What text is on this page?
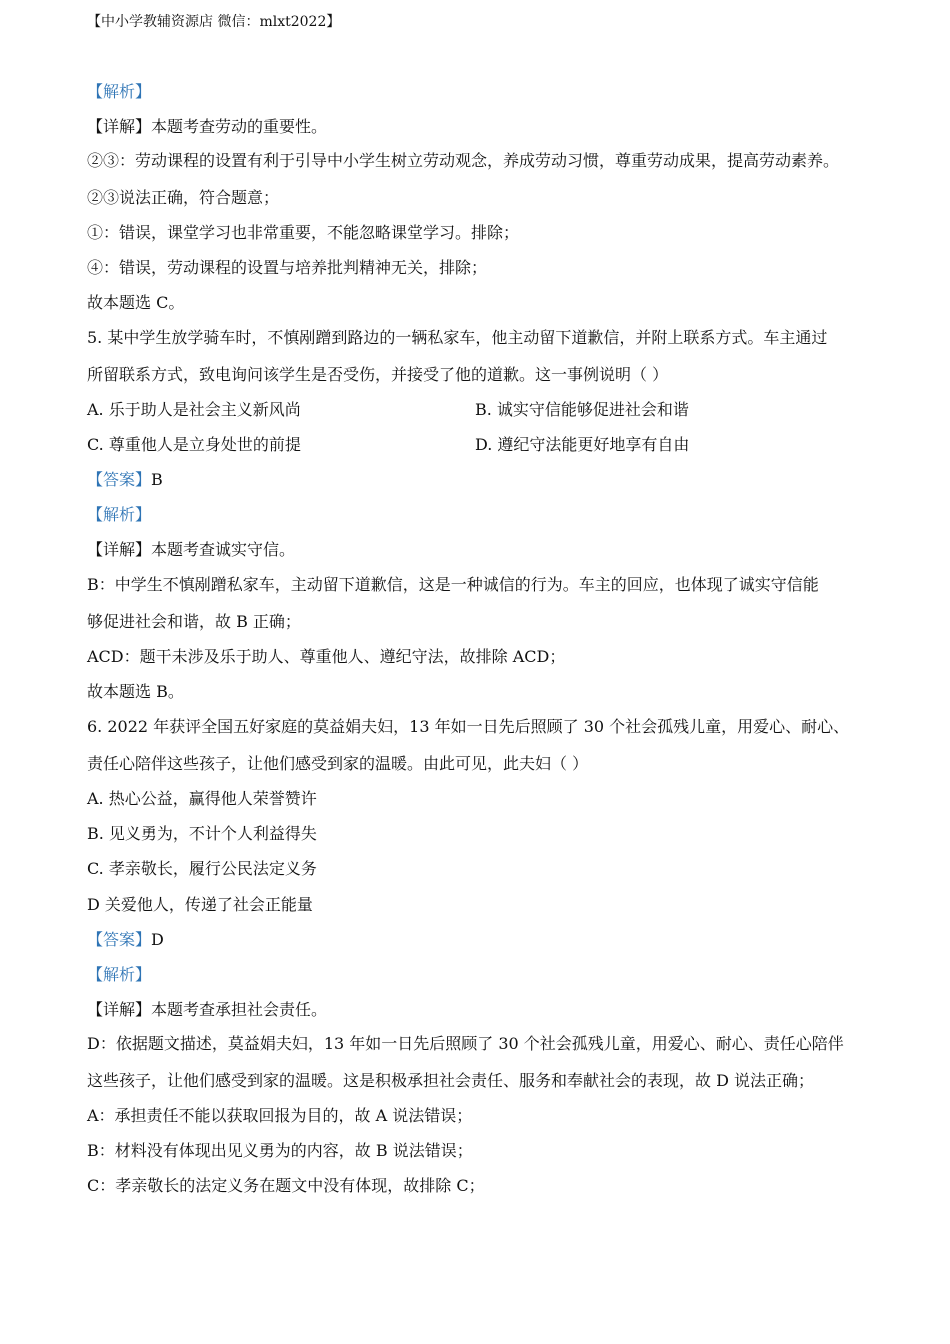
【中小学教辅资源店 微信：mlxt2022】
【解析】
【详解】本题考查劳动的重要性。
②③：劳动课程的设置有利于引导中小学生树立劳动观念，养成劳动习惯，尊重劳动成果，提高劳动素养。
②③说法正确，符合题意；
①：错误，课堂学习也非常重要，不能忽略课堂学习。排除；
④：错误，劳动课程的设置与培养批判精神无关，排除；
故本题选 C。
5. 某中学生放学骑车时，不慎剐蹭到路边的一辆私家车，他主动留下道歉信，并附上联系方式。车主通过
所留联系方式，致电询问该学生是否受伤，并接受了他的道歉。这一事例说明（ ）
A. 乐于助人是社会主义新风尚	B. 诚实守信能够促进社会和谐
C. 尊重他人是立身处世的前提	D. 遵纪守法能更好地享有自由
【答案】B
【解析】
【详解】本题考查诚实守信。
B：中学生不慎剐蹭私家车，主动留下道歉信，这是一种诚信的行为。车主的回应，也体现了诚实守信能
够促进社会和谐，故 B 正确；
ACD：题干未涉及乐于助人、尊重他人、遵纪守法，故排除 ACD；
故本题选 B。
6. 2022 年获评全国五好家庭的莫益娟夫妇，13 年如一日先后照顾了 30 个社会孤残儿童，用爱心、耐心、
责任心陪伴这些孩子，让他们感受到家的温暖。由此可见，此夫妇（ ）
A. 热心公益，赢得他人荣誉赞许
B. 见义勇为，不计个人利益得失
C. 孝亲敬长，履行公民法定义务
D 关爱他人，传递了社会正能量
【答案】D
【解析】
【详解】本题考查承担社会责任。
D：依据题文描述，莫益娟夫妇，13 年如一日先后照顾了 30 个社会孤残儿童，用爱心、耐心、责任心陪伴
这些孩子，让他们感受到家的温暖。这是积极承担社会责任、服务和奉献社会的表现，故 D 说法正确；
A：承担责任不能以获取回报为目的，故 A 说法错误；
B：材料没有体现出见义勇为的内容，故 B 说法错误；
C：孝亲敬长的法定义务在题文中没有体现，故排除 C；
